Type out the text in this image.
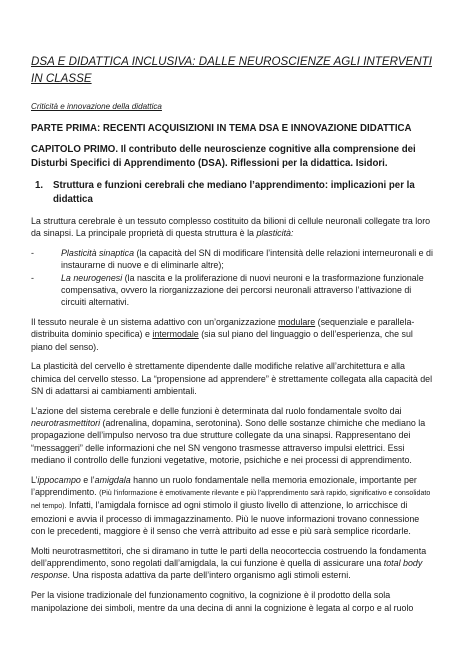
DSA E DIDATTICA INCLUSIVA: DALLE NEUROSCIENZE AGLI INTERVENTI IN CLASSE
Criticità e innovazione della didattica
PARTE PRIMA: RECENTI ACQUISIZIONI IN TEMA DSA E INNOVAZIONE DIDATTICA
CAPITOLO PRIMO. Il contributo delle neuroscienze cognitive alla comprensione dei Disturbi Specifici di Apprendimento (DSA). Riflessioni per la didattica. Isidori.
1.	Struttura e funzioni cerebrali che mediano l’apprendimento: implicazioni per la didattica

La struttura cerebrale è un tessuto complesso costituito da bilioni di cellule neuronali collegate tra loro da sinapsi. La principale proprietà di questa struttura è la plasticità:

-	Plasticità sinaptica (la capacità del SN di modificare l’intensità delle relazioni interneuronali e di instaurarne di nuove e di eliminarle altre);
-	La neurogenesi (la nascita e la proliferazione di nuovi neuroni e la trasformazione funzionale compensativa, ovvero la riorganizzazione dei percorsi neuronali attraverso l’attivazione di circuiti alternativi.

Il tessuto neurale è un sistema adattivo con un’organizzazione modulare (sequenziale e parallela-distribuita dominio specifica) e intermodale (sia sul piano del linguaggio o dell’esperienza, che sul piano del senso).

La plasticità del cervello è strettamente dipendente dalle modifiche relative all’architettura e alla chimica del cervello stesso. La “propensione ad apprendere” è strettamente collegata alla capacità del SN di adattarsi ai cambiamenti ambientali.

L’azione del sistema cerebrale e delle funzioni è determinata dal ruolo fondamentale svolto dai neurotrasmettitori (adrenalina, dopamina, serotonina). Sono delle sostanze chimiche che mediano la propagazione dell’impulso nervoso tra due strutture collegate da una sinapsi. Rappresentano dei “messaggeri” delle informazioni che nel SN vengono trasmesse attraverso impulsi elettrici. Essi mediano il controllo delle funzioni vegetative, motorie, psichiche e nei processi di apprendimento.

L’ippocampo e l’amigdala hanno un ruolo fondamentale nella memoria emozionale, importante per l’apprendimento. (Più l’informazione è emotivamente rilevante e più l’apprendimento sarà rapido, significativo e consolidato nel tempo). Infatti, l’amigdala fornisce ad ogni stimolo il giusto livello di attenzione, lo arricchisce di emozioni e avvia il processo di immagazzinamento. Più le nuove informazioni trovano connessione con le precedenti, maggiore è il senso che verrà attribuito ad esse e più sarà semplice ricordarle.

Molti neurotrasmettitori, che si diramano in tutte le parti della neocorteccia costruendo la fondamenta dell’apprendimento, sono regolati dall’amigdala, la cui funzione è quella di assicurare una total body response. Una risposta adattiva da parte dell’intero organismo agli stimoli esterni.

Per la visione tradizionale del funzionamento cognitivo, la cognizione è il prodotto della sola manipolazione dei simboli, mentre da una decina di anni la cognizione è legata al corpo e al ruolo
